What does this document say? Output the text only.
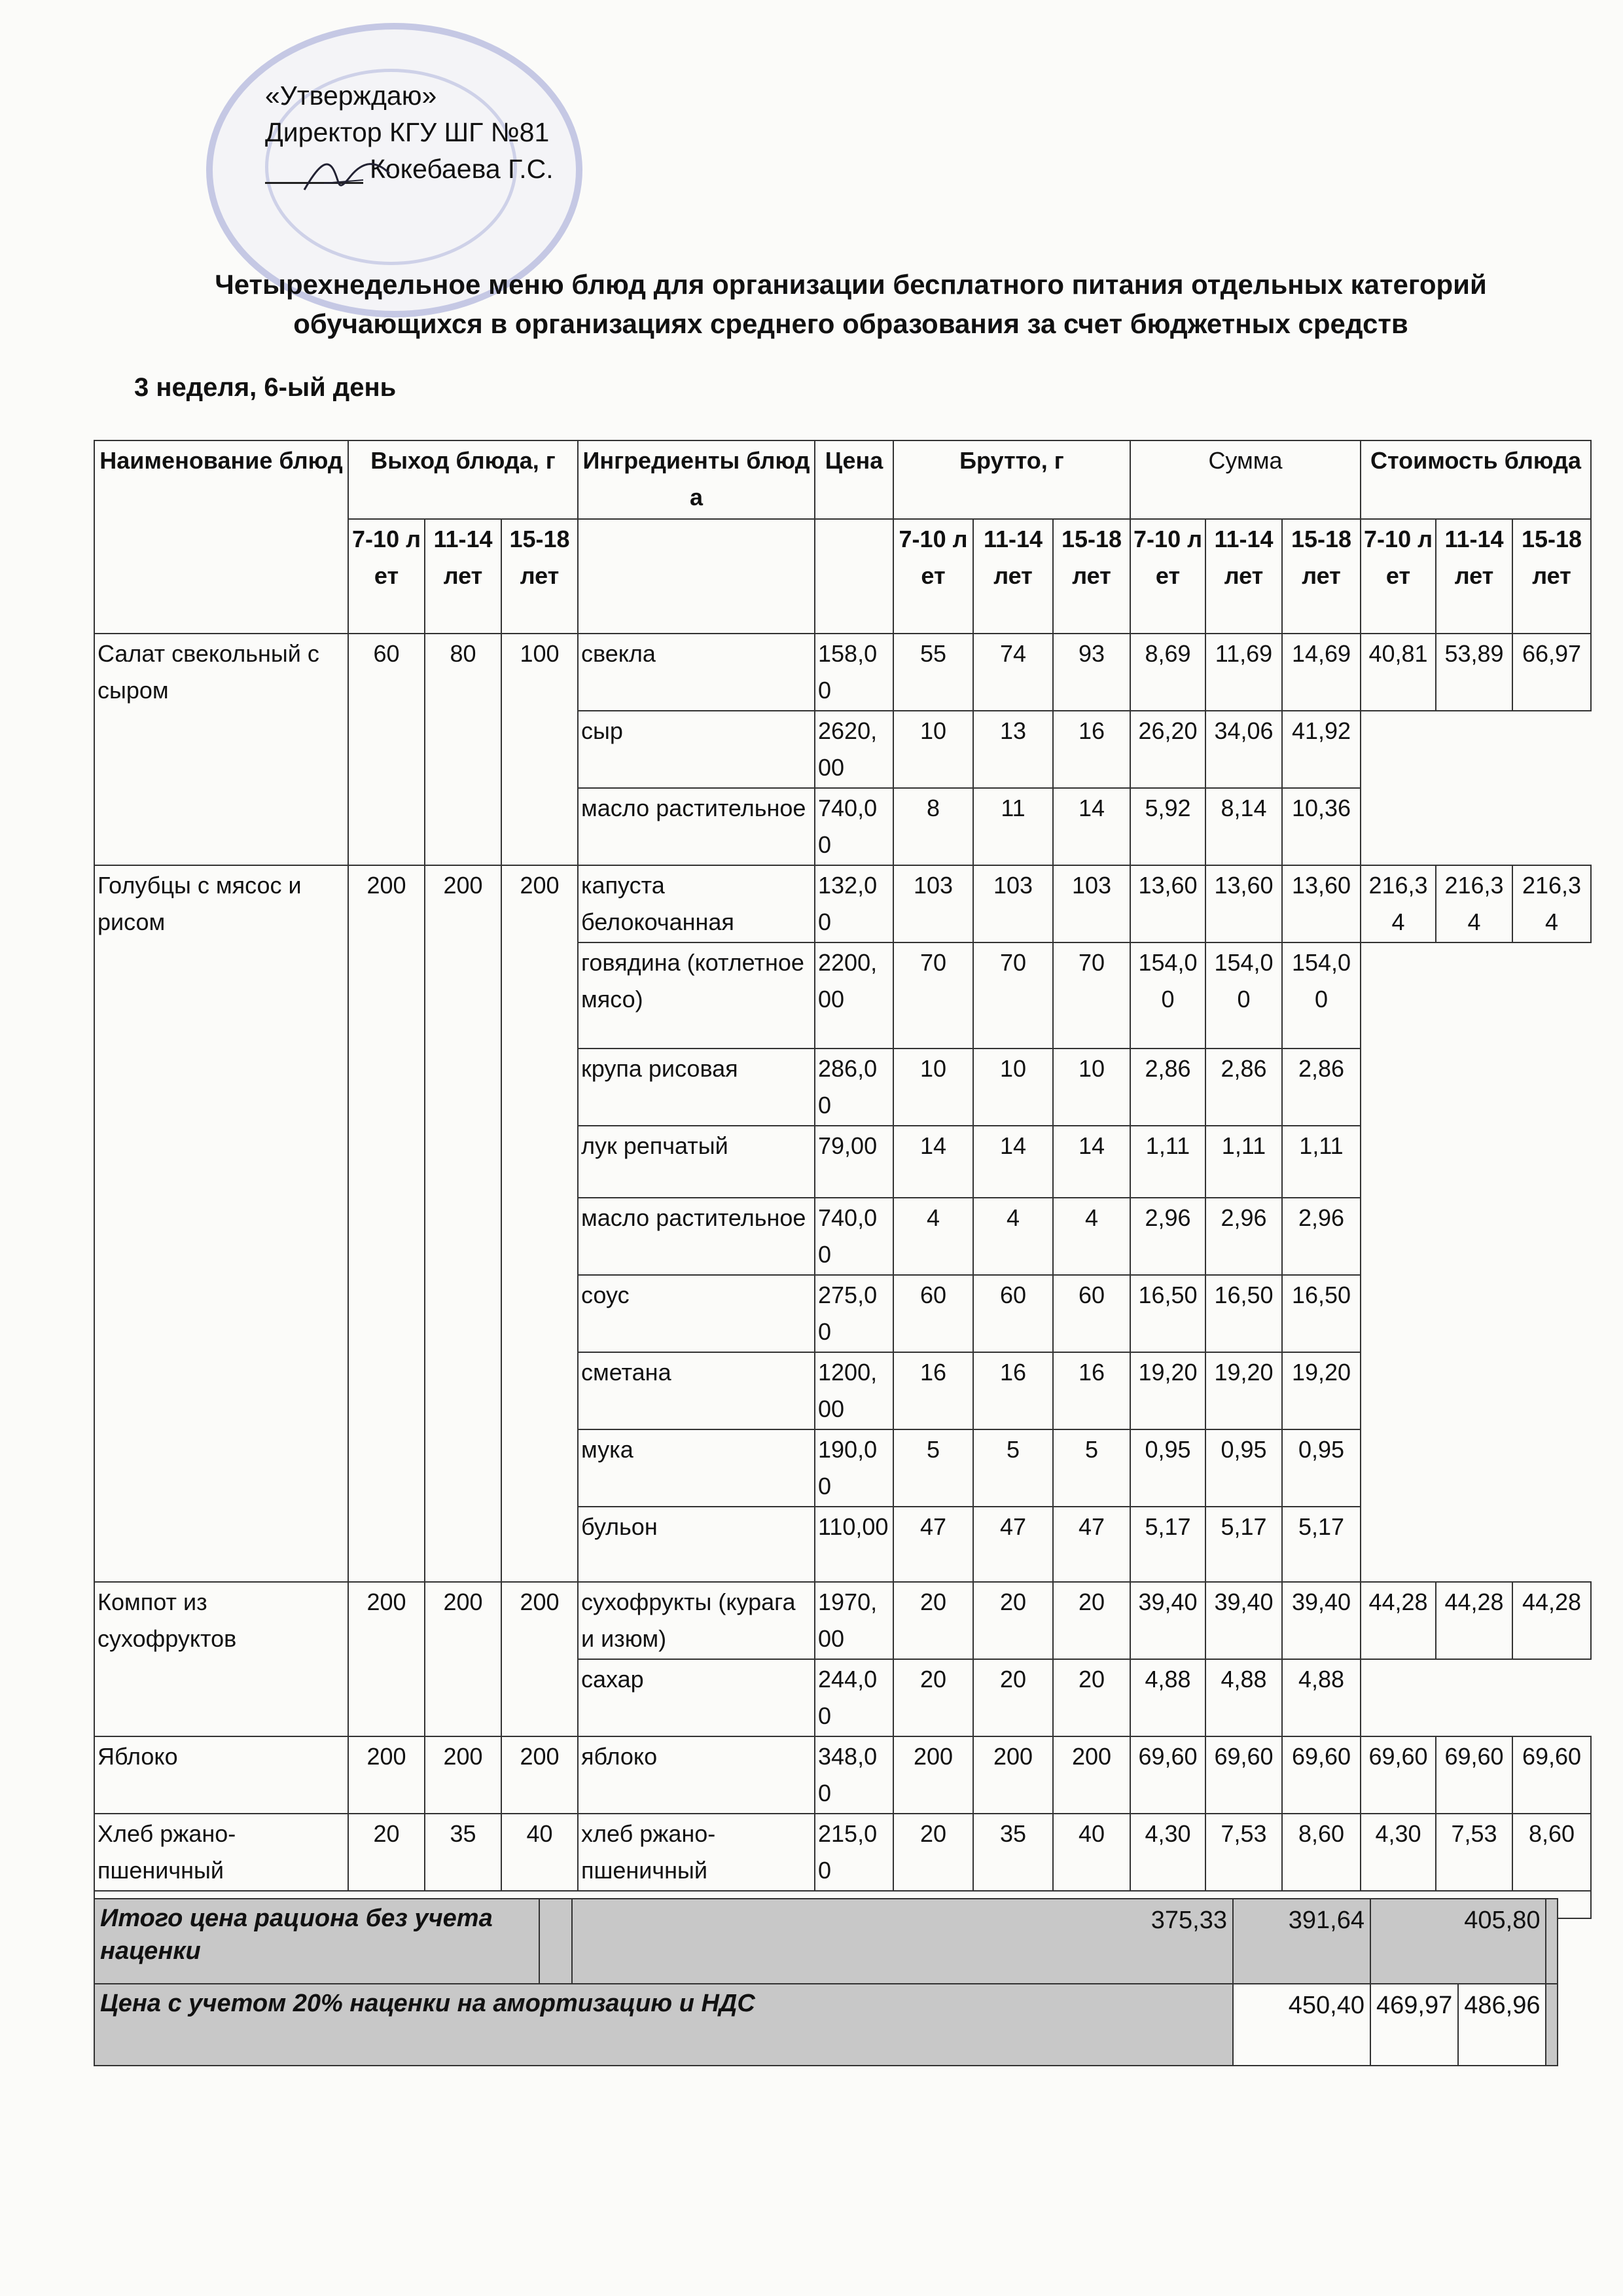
«Утверждаю»
Директор КГУ ШГ №81
Кокебаева Г.С.
Четырехнедельное меню блюд для организации бесплатного питания отдельных категорий обучающихся в организациях среднего образования за счет бюджетных средств
3 неделя, 6-ый день
Наименование блюд	Выход блюда, г			Ингредиенты блюда	Цена	Брутто, г			Сумма			Стоимость блюда		
	7-10 лет	11-14 лет	15-18 лет			7-10 лет	11-14 лет	15-18 лет	7-10 лет	11-14 лет	15-18 лет	7-10 лет	11-14 лет	15-18 лет
Салат свекольный с сыром	60	80	100	свекла	158,00	55	74	93	8,69	11,69	14,69	40,81	53,89	66,97
				сыр	2620,00	10	13	16	26,20	34,06	41,92			
				масло растительное	740,00	8	11	14	5,92	8,14	10,36			
Голубцы с мясос и рисом	200	200	200	капуста белокочанная	132,00	103	103	103	13,60	13,60	13,60	216,34	216,34	216,34
				говядина (котлетное мясо)	2200,00	70	70	70	154,00	154,00	154,00			
				крупа рисовая	286,00	10	10	10	2,86	2,86	2,86			
				лук репчатый	79,00	14	14	14	1,11	1,11	1,11			
				масло растительное	740,00	4	4	4	2,96	2,96	2,96			
				соус	275,00	60	60	60	16,50	16,50	16,50			
				сметана	1200,00	16	16	16	19,20	19,20	19,20			
				мука	190,00	5	5	5	0,95	0,95	0,95			
				бульон	110,00	47	47	47	5,17	5,17	5,17			
Компот из сухофруктов	200	200	200	сухофрукты (курага и изюм)	1970,00	20	20	20	39,40	39,40	39,40	44,28	44,28	44,28
				сахар	244,00	20	20	20	4,88	4,88	4,88			
Яблоко	200	200	200	яблоко	348,00	200	200	200	69,60	69,60	69,60	69,60	69,60	69,60
Хлеб ржано-пшеничный	20	35	40	хлеб ржано-пшеничный	215,00	20	35	40	4,30	7,53	8,60	4,30	7,53	8,60

Итого цена рациона без учета наценки		375,33	391,64	405,80		
Цена с учетом 20% наценки на амортизацию и НДС			450,40	469,97	486,96	
